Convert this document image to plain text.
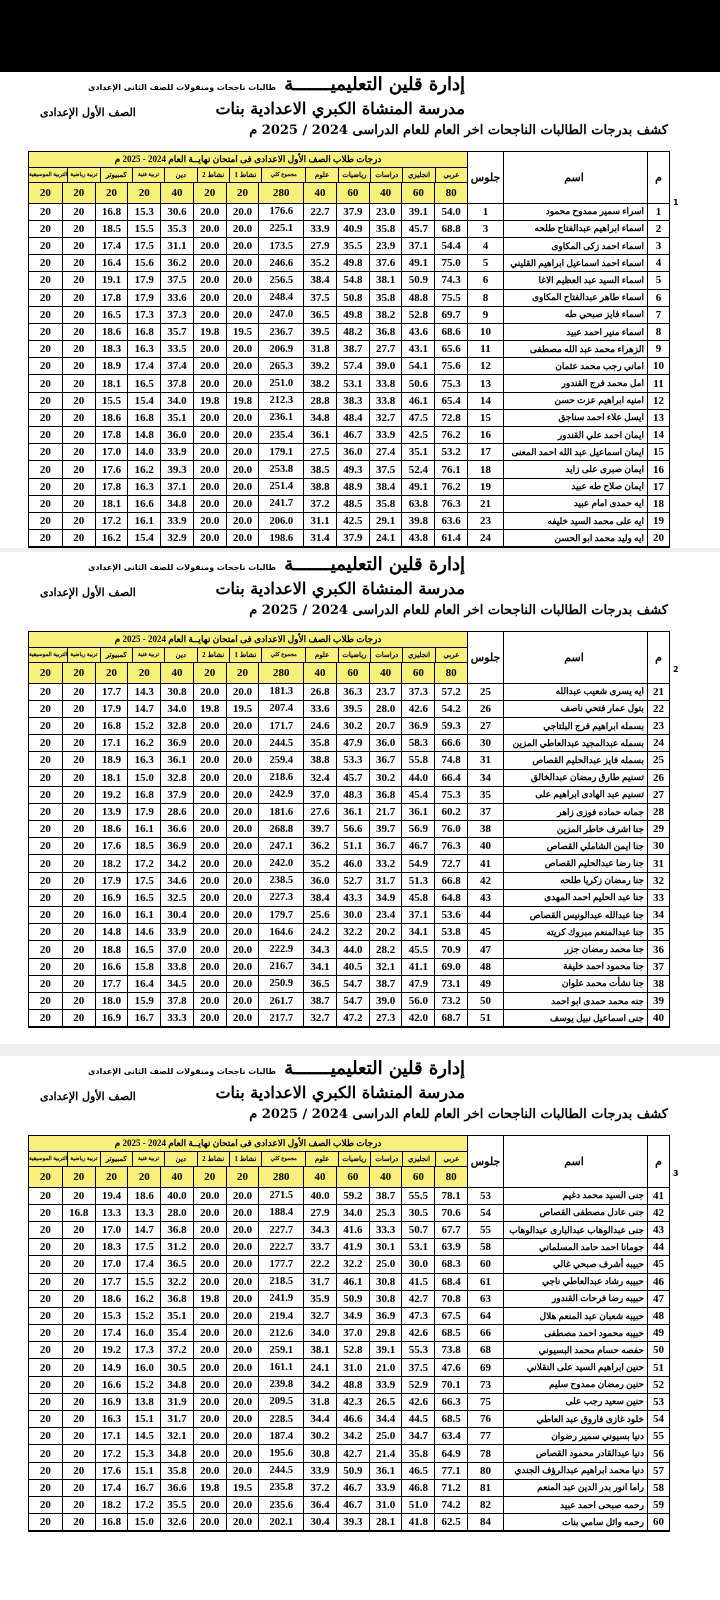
إدارة قلين التعليميـــــــة
مدرسة المنشاة الكبري الاعدادية بنات
كشف بدرجات الطالبات الناجحات اخر العام للعام الدراسى 2024 / 2025 م
طالبات ناجحات ومنقولات للصف الثانى الإعدادى
الصف الأول الإعدادى
1
م
اسم
جلوس
درجات طلاب الصف الأول الاعدادى فى امتحان نهايــة العام 2024 - 2025 م
عربي
انجليزي
دراسات
رياضيات
علوم
مجموع كلي
نشاط 1
نشاط 2
دين
تربية فنية
كمبيوتر
تربية رياضية
التربية الموسيقية
80
60
40
60
40
280
20
20
40
20
20
20
20
1
اسراء سمير ممدوح محمود
1
54.0
39.1
23.0
37.9
22.7
176.6
20.0
20.0
30.6
15.3
16.8
20
20
2
اسماء ابراهيم عبدالفتاح طلحه
3
68.8
45.7
35.8
40.9
33.9
225.1
20.0
20.0
35.3
15.5
18.5
20
20
3
اسماء احمد زكى المكاوى
4
54.4
37.1
23.9
35.5
27.9
173.5
20.0
20.0
31.1
17.5
17.4
20
20
4
اسماء احمد اسماعيل ابراهيم القليني
5
75.0
49.1
37.6
49.8
35.2
246.6
20.0
20.0
36.2
15.6
16.4
20
20
5
اسماء السيد عبد العظيم الاغا
6
74.3
50.9
38.1
54.8
38.4
256.5
20.0
20.0
37.5
17.9
19.1
20
20
6
اسماء طاهر عبدالفتاح المكاوى
8
75.5
48.8
35.8
50.8
37.5
248.4
20.0
20.0
33.6
17.9
17.8
20
20
7
اسماء فايز صبحي طه
9
69.7
52.8
38.2
49.8
36.5
247.0
20.0
20.0
37.3
17.3
16.5
20
20
8
اسماء منير احمد عبيد
10
68.6
43.6
36.8
48.2
39.5
236.7
19.5
19.8
35.7
16.8
18.6
20
20
9
الزهراء محمد عبد الله مصطفى
11
65.6
43.1
27.7
38.7
31.8
206.9
20.0
20.0
33.5
16.3
18.3
20
20
10
اماني رجب محمد عثمان
12
75.6
54.1
39.0
57.4
39.2
265.3
20.0
20.0
37.4
17.4
18.9
20
20
11
امل محمد فرج القندور
13
75.3
50.6
33.8
53.1
38.2
251.0
20.0
20.0
37.8
16.5
18.1
20
20
12
امنيه ابراهيم عزت حسن
14
65.4
46.1
33.8
38.3
28.8
212.3
19.8
19.8
34.0
15.4
15.5
20
20
13
ايسل علاء احمد سناجق
15
72.8
47.5
32.7
48.4
34.8
236.1
20.0
20.0
35.1
16.8
18.6
20
20
14
ايمان احمد علي القندور
16
76.2
42.5
33.9
46.7
36.1
235.4
20.0
20.0
36.0
14.8
17.8
20
20
15
ايمان اسماعيل عبد الله احمد المعنى
17
53.2
35.1
27.4
36.0
27.5
179.1
20.0
20.0
33.9
14.0
17.0
20
20
16
ايمان صبرى على زايد
18
76.1
52.4
37.5
49.3
38.5
253.8
20.0
20.0
39.3
16.2
17.6
20
20
17
ايمان صلاح طه عبيد
19
76.2
49.1
38.4
48.9
38.8
251.4
20.0
20.0
37.1
16.3
17.8
20
20
18
ايه حمدى امام عبيد
21
76.3
63.8
35.8
48.5
37.2
241.7
20.0
20.0
34.8
16.6
18.1
20
20
19
ايه على محمد السيد خليفه
23
63.6
39.8
29.1
42.5
31.1
206.0
20.0
20.0
33.9
16.1
17.2
20
20
20
ايه وليد محمد ابو الحسن
24
61.4
43.8
24.1
37.9
31.4
198.6
20.0
20.0
32.9
15.4
16.2
20
20
إدارة قلين التعليميـــــــة
مدرسة المنشاة الكبري الاعدادية بنات
كشف بدرجات الطالبات الناجحات اخر العام للعام الدراسى 2024 / 2025 م
طالبات ناجحات ومنقولات للصف الثانى الإعدادى
الصف الأول الإعدادى
2
م
اسم
جلوس
درجات طلاب الصف الأول الاعدادى فى امتحان نهايــة العام 2024 - 2025 م
عربي
انجليزي
دراسات
رياضيات
علوم
مجموع كلي
نشاط 1
نشاط 2
دين
تربية فنية
كمبيوتر
تربية رياضية
التربية الموسيقية
80
60
40
60
40
280
20
20
40
20
20
20
20
21
ايه يسرى شعيب عبدالله
25
57.2
37.3
23.7
36.3
26.8
181.3
20.0
20.0
30.8
14.3
17.7
20
20
22
بتول عمار فتحي ناصف
26
54.2
42.6
28.0
39.5
33.6
207.4
19.5
19.8
34.0
14.7
17.9
20
20
23
بسمله ابراهيم فرج البلتاجي
27
59.3
36.9
20.7
30.2
24.6
171.7
20.0
20.0
32.8
15.2
16.8
20
20
24
بسمله عبدالمجيد عبدالعاطي المزين
30
66.6
58.3
36.0
47.9
35.8
244.5
20.0
20.0
36.9
16.2
17.1
20
20
25
بسمله فايز عبدالحليم القصاص
31
74.8
55.8
36.7
53.3
38.8
259.4
20.0
20.0
36.1
16.3
18.9
20
20
26
تسنيم طارق رمضان عبدالخالق
34
66.4
44.0
30.2
45.7
32.4
218.6
20.0
20.0
32.8
15.0
18.1
20
20
27
تسنيم عبد الهادى ابراهيم على
35
75.3
45.4
36.8
48.3
37.0
242.9
20.0
20.0
37.9
16.8
19.2
20
20
28
جمانه حماده فوزى زاهر
37
60.2
36.1
21.7
36.1
27.6
181.6
20.0
20.0
28.6
17.9
13.9
20
20
29
جنا اشرف خاطر المزين
38
76.0
56.9
39.7
56.6
39.7
268.8
20.0
20.0
36.6
16.1
18.6
20
20
30
جنا ايمن الشاملي القصاص
40
76.3
46.7
36.7
51.1
36.2
247.1
20.0
20.0
36.9
18.5
17.6
20
20
31
جنا رضا عبدالحليم القصاص
41
72.7
54.9
33.2
46.0
35.2
242.0
20.0
20.0
34.2
17.2
18.2
20
20
32
جنا رمضان زكريا طلحه
42
66.8
51.3
31.7
52.7
36.0
238.5
20.0
20.0
34.6
17.5
17.9
20
20
33
جنا عبد الحليم احمد المهدى
43
64.8
45.8
34.9
43.3
38.4
227.3
20.0
20.0
32.5
16.5
16.9
20
20
34
جنا عبدالله عبدالونيس القصاص
44
53.6
37.1
23.4
30.0
25.6
179.7
20.0
20.0
30.4
16.1
16.0
20
20
35
جنا عبدالمنعم مبروك كريته
45
53.8
34.1
20.2
32.2
24.2
164.6
20.0
20.0
33.9
14.6
14.8
20
20
36
جنا محمد رمضان جزر
47
70.9
45.5
28.2
44.0
34.3
222.9
20.0
20.0
37.0
16.5
18.8
20
20
37
جنا محمود احمد خليفة
48
69.0
41.1
32.1
40.5
34.1
216.7
20.0
20.0
33.8
15.8
16.6
20
20
38
جنا نشأت محمد علوان
49
73.1
47.9
38.7
54.7
36.5
250.9
20.0
20.0
34.5
16.4
17.7
20
20
39
جنه محمد حمدى ابو احمد
50
73.2
56.0
39.0
54.7
38.7
261.7
20.0
20.0
37.8
15.9
18.0
20
20
40
جنى اسماعيل نبيل يوسف
51
68.7
42.0
27.3
47.2
32.7
217.7
20.0
20.0
33.3
16.7
16.9
20
20
إدارة قلين التعليميـــــــة
مدرسة المنشاة الكبري الاعدادية بنات
كشف بدرجات الطالبات الناجحات اخر العام للعام الدراسى 2024 / 2025 م
طالبات ناجحات ومنقولات للصف الثانى الإعدادى
الصف الأول الإعدادى
3
م
اسم
جلوس
درجات طلاب الصف الأول الاعدادى فى امتحان نهايــة العام 2024 - 2025 م
عربي
انجليزي
دراسات
رياضيات
علوم
مجموع كلي
نشاط 1
نشاط 2
دين
تربية فنية
كمبيوتر
تربية رياضية
التربية الموسيقية
80
60
40
60
40
280
20
20
40
20
20
20
20
41
جنى السيد محمد دغيم
53
78.1
55.5
38.7
59.2
40.0
271.5
20.0
20.0
40.0
18.6
19.4
20
20
42
جنى عادل مصطفى القصاص
54
70.6
30.5
25.3
34.0
27.9
188.4
20.0
20.0
28.0
13.3
13.3
16.8
20
43
جنى عبدالوهاب عبدالبارى عبدالوهاب
55
67.7
50.7
33.3
41.6
34.3
227.7
20.0
20.0
36.8
14.7
17.0
20
20
44
جومانا احمد حامد المسلماني
58
63.9
53.1
30.1
41.9
33.7
222.7
20.0
20.0
31.2
17.5
18.3
20
20
45
حبيبه أشرف صبحي غالي
60
68.3
30.0
25.0
32.2
22.2
177.7
20.0
20.0
36.5
17.4
17.0
20
20
46
حبيبه رشاد عبدالعاطي ناجي
61
68.4
41.5
30.8
46.1
31.7
218.5
20.0
20.0
32.2
15.5
17.7
20
20
47
حبيبه رضا فرحات القندور
63
70.8
42.7
30.8
50.9
35.9
241.9
20.0
19.8
36.8
16.2
18.6
20
20
48
حبيبه شعبان عبد المنعم هلال
64
67.5
47.3
36.9
34.9
32.7
219.4
20.0
20.0
35.1
15.2
15.3
20
20
49
حبيبه محمود احمد مصطفى
66
68.5
42.6
29.8
37.0
34.0
212.6
20.0
20.0
35.4
16.0
17.4
20
20
50
حفصه حسام محمد البسيوني
68
73.8
55.3
39.1
52.8
38.1
259.1
20.0
20.0
37.2
17.3
19.2
20
20
51
حنين ابراهيم السيد على النقلاني
69
47.6
37.5
21.0
31.0
24.1
161.1
20.0
20.0
30.5
16.0
14.9
20
20
52
حنين رمضان ممدوح سليم
73
70.1
52.9
33.9
48.8
34.2
239.8
20.0
20.0
34.8
15.2
16.6
20
20
53
حنين سعيد رجب على
75
66.3
42.6
26.5
42.3
31.8
209.5
20.0
20.0
31.9
13.8
16.9
20
20
54
خلود غازى فاروق عبد العاطي
76
68.5
44.5
34.4
46.6
34.4
228.5
20.0
20.0
31.7
15.1
16.3
20
20
55
دنيا بسيوني سمير رضوان
77
63.4
34.7
25.0
34.2
30.2
187.4
20.0
20.0
32.1
14.5
17.1
20
20
56
دنيا عبدالقادر محمود القصاص
78
64.9
35.8
21.4
42.7
30.8
195.6
20.0
20.0
34.8
15.3
17.2
20
20
57
دنيا محمد ابراهيم عبدالرؤف الجندي
80
77.1
46.5
36.1
50.9
33.9
244.5
20.0
20.0
35.8
15.1
17.6
20
20
58
راما انور بدر الدين عبد المنعم
81
71.2
46.8
33.9
46.7
37.2
235.8
19.5
19.8
36.6
16.7
17.4
20
20
59
رحمه صبحى احمد عبيد
82
74.2
51.0
31.0
46.7
36.4
235.6
20.0
20.0
35.5
17.2
18.2
20
20
60
رحمه وائل سامي بنات
84
62.5
41.8
28.1
39.3
30.4
202.1
20.0
20.0
32.6
15.0
16.8
20
20
